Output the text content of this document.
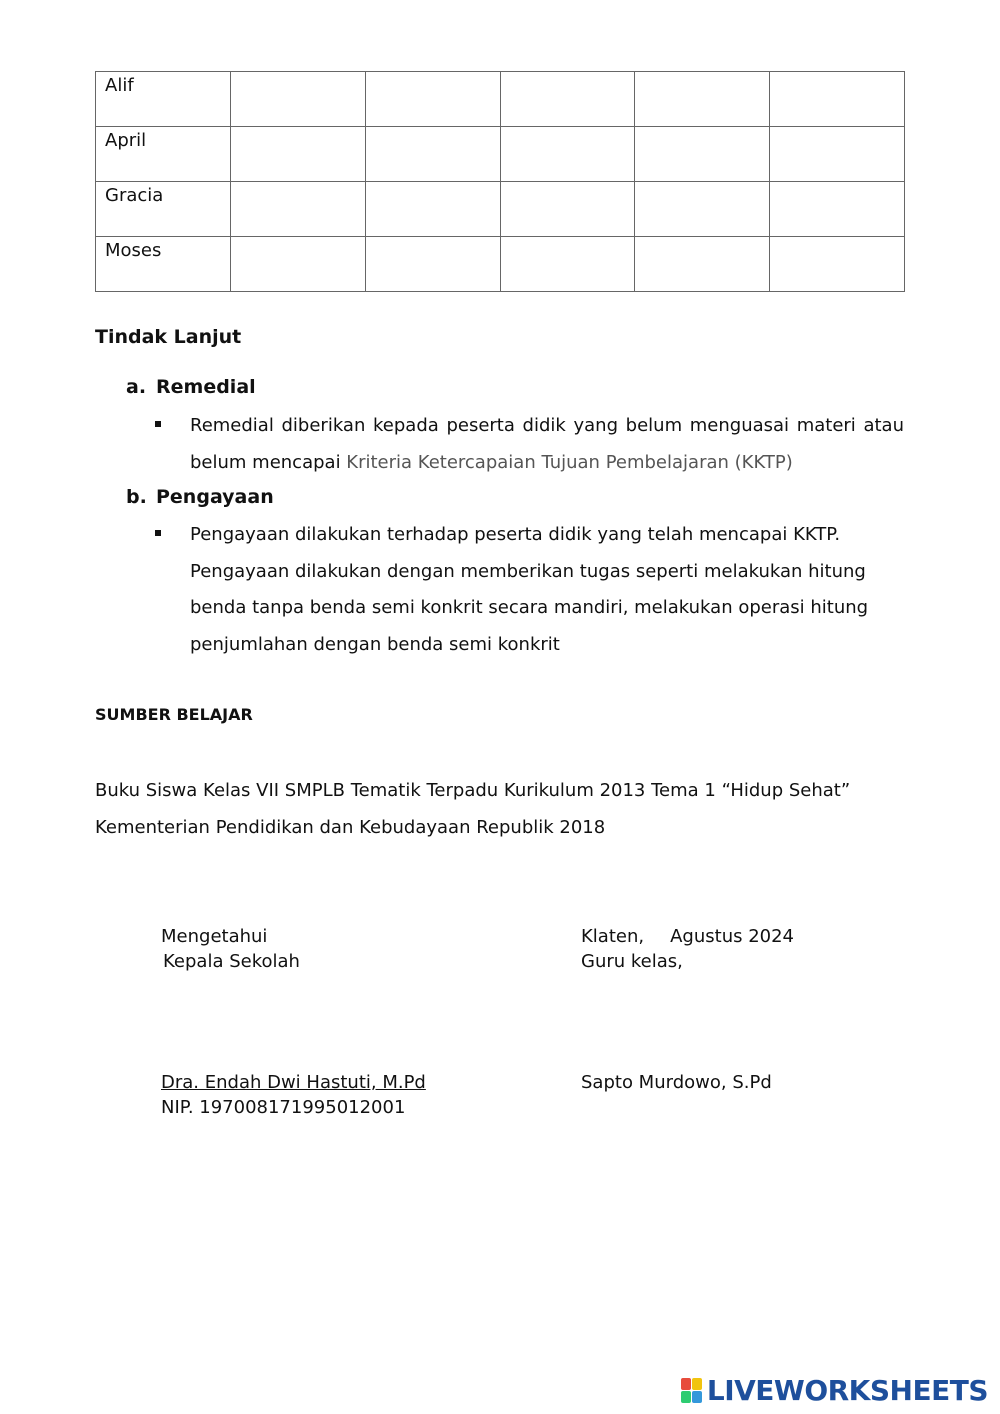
Alif					
April					
Gracia					
Moses					
Tindak Lanjut
a. Remedial
Remedial diberikan kepada peserta didik yang belum menguasai materi atau belum mencapai Kriteria Ketercapaian Tujuan Pembelajaran (KKTP)
b. Pengayaan
Pengayaan dilakukan terhadap peserta didik yang telah mencapai KKTP.
Pengayaan dilakukan dengan memberikan tugas seperti melakukan hitung
benda tanpa benda semi konkrit secara mandiri, melakukan operasi hitung
penjumlahan dengan benda semi konkrit
SUMBER BELAJAR
Buku Siswa Kelas VII SMPLB Tematik Terpadu Kurikulum 2013 Tema 1 “Hidup Sehat”
Kementerian Pendidikan dan Kebudayaan Republik 2018
Mengetahui
Kepala Sekolah
Dra. Endah Dwi Hastuti, M.Pd
NIP. 197008171995012001
Klaten, Agustus 2024
Guru kelas,
Sapto Murdowo, S.Pd
LIVEWORKSHEETS
